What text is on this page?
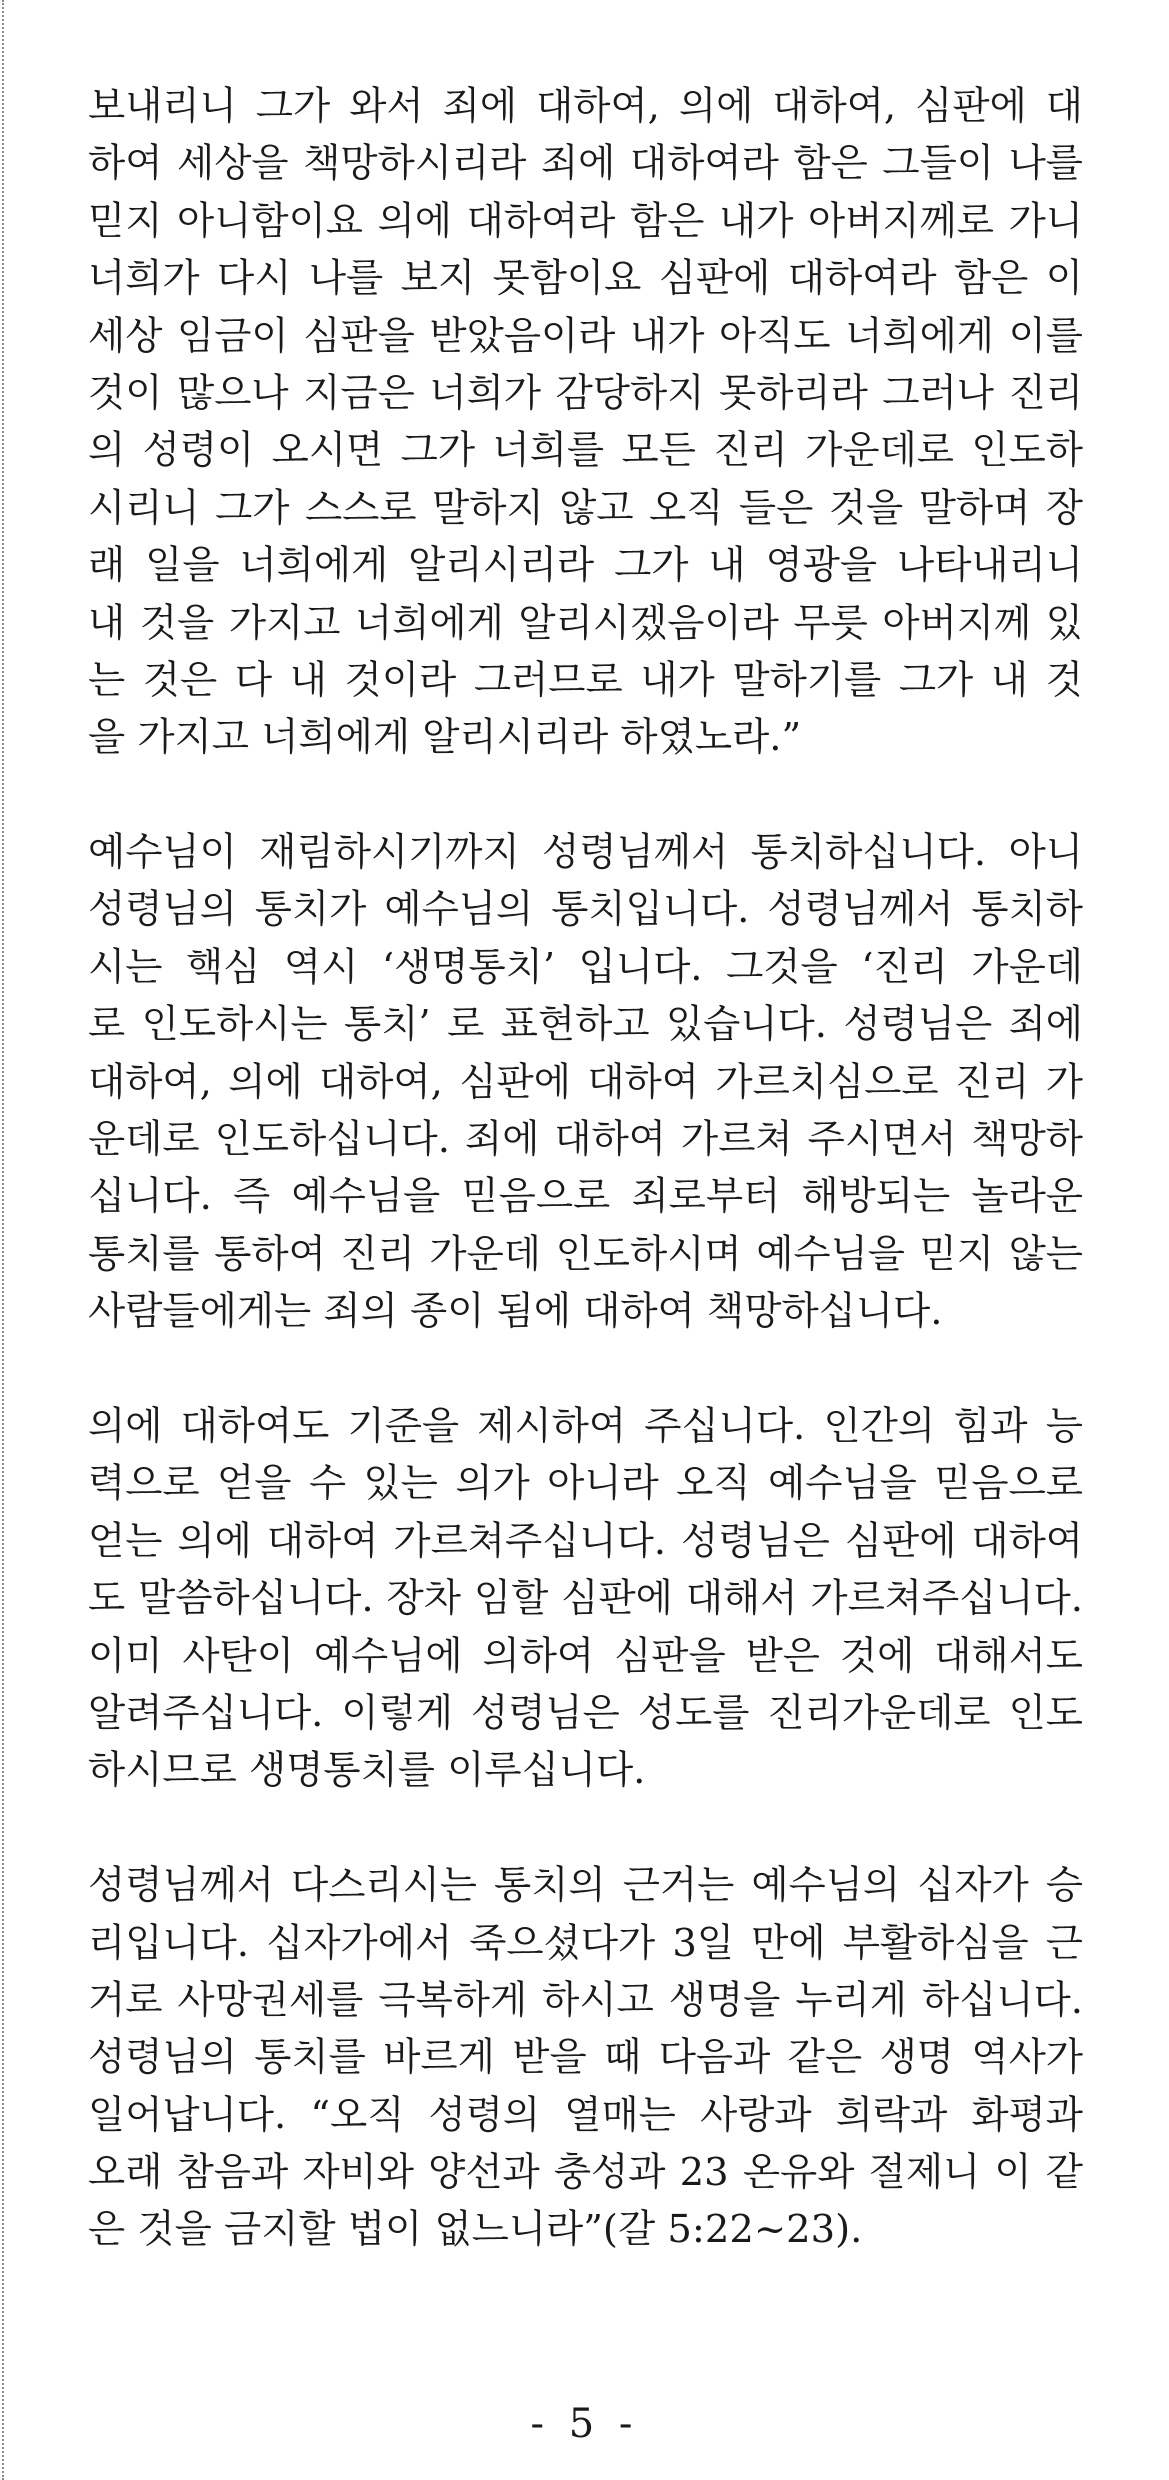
보내리니 그가 와서 죄에 대하여, 의에 대하여, 심판에 대
하여 세상을 책망하시리라 죄에 대하여라 함은 그들이 나를
믿지 아니함이요 의에 대하여라 함은 내가 아버지께로 가니
너희가 다시 나를 보지 못함이요 심판에 대하여라 함은 이
세상 임금이 심판을 받았음이라 내가 아직도 너희에게 이를
것이 많으나 지금은 너희가 감당하지 못하리라 그러나 진리
의 성령이 오시면 그가 너희를 모든 진리 가운데로 인도하
시리니 그가 스스로 말하지 않고 오직 들은 것을 말하며 장
래 일을 너희에게 알리시리라 그가 내 영광을 나타내리니
내 것을 가지고 너희에게 알리시겠음이라 무릇 아버지께 있
는 것은 다 내 것이라 그러므로 내가 말하기를 그가 내 것
을 가지고 너희에게 알리시리라 하였노라.”
예수님이 재림하시기까지 성령님께서 통치하십니다. 아니
성령님의 통치가 예수님의 통치입니다. 성령님께서 통치하
시는 핵심 역시 ‘생명통치’ 입니다. 그것을 ‘진리 가운데
로 인도하시는 통치’ 로 표현하고 있습니다. 성령님은 죄에
대하여, 의에 대하여, 심판에 대하여 가르치심으로 진리 가
운데로 인도하십니다. 죄에 대하여 가르쳐 주시면서 책망하
십니다. 즉 예수님을 믿음으로 죄로부터 해방되는 놀라운
통치를 통하여 진리 가운데 인도하시며 예수님을 믿지 않는
사람들에게는 죄의 종이 됨에 대하여 책망하십니다.
의에 대하여도 기준을 제시하여 주십니다. 인간의 힘과 능
력으로 얻을 수 있는 의가 아니라 오직 예수님을 믿음으로
얻는 의에 대하여 가르쳐주십니다. 성령님은 심판에 대하여
도 말씀하십니다. 장차 임할 심판에 대해서 가르쳐주십니다.
이미 사탄이 예수님에 의하여 심판을 받은 것에 대해서도
알려주십니다. 이렇게 성령님은 성도를 진리가운데로 인도
하시므로 생명통치를 이루십니다.
성령님께서 다스리시는 통치의 근거는 예수님의 십자가 승
리입니다. 십자가에서 죽으셨다가 3일 만에 부활하심을 근
거로 사망권세를 극복하게 하시고 생명을 누리게 하십니다.
성령님의 통치를 바르게 받을 때 다음과 같은 생명 역사가
일어납니다. “오직 성령의 열매는 사랑과 희락과 화평과
오래 참음과 자비와 양선과 충성과 23 온유와 절제니 이 같
은 것을 금지할 법이 없느니라”(갈 5:22~23).
- 5 -
